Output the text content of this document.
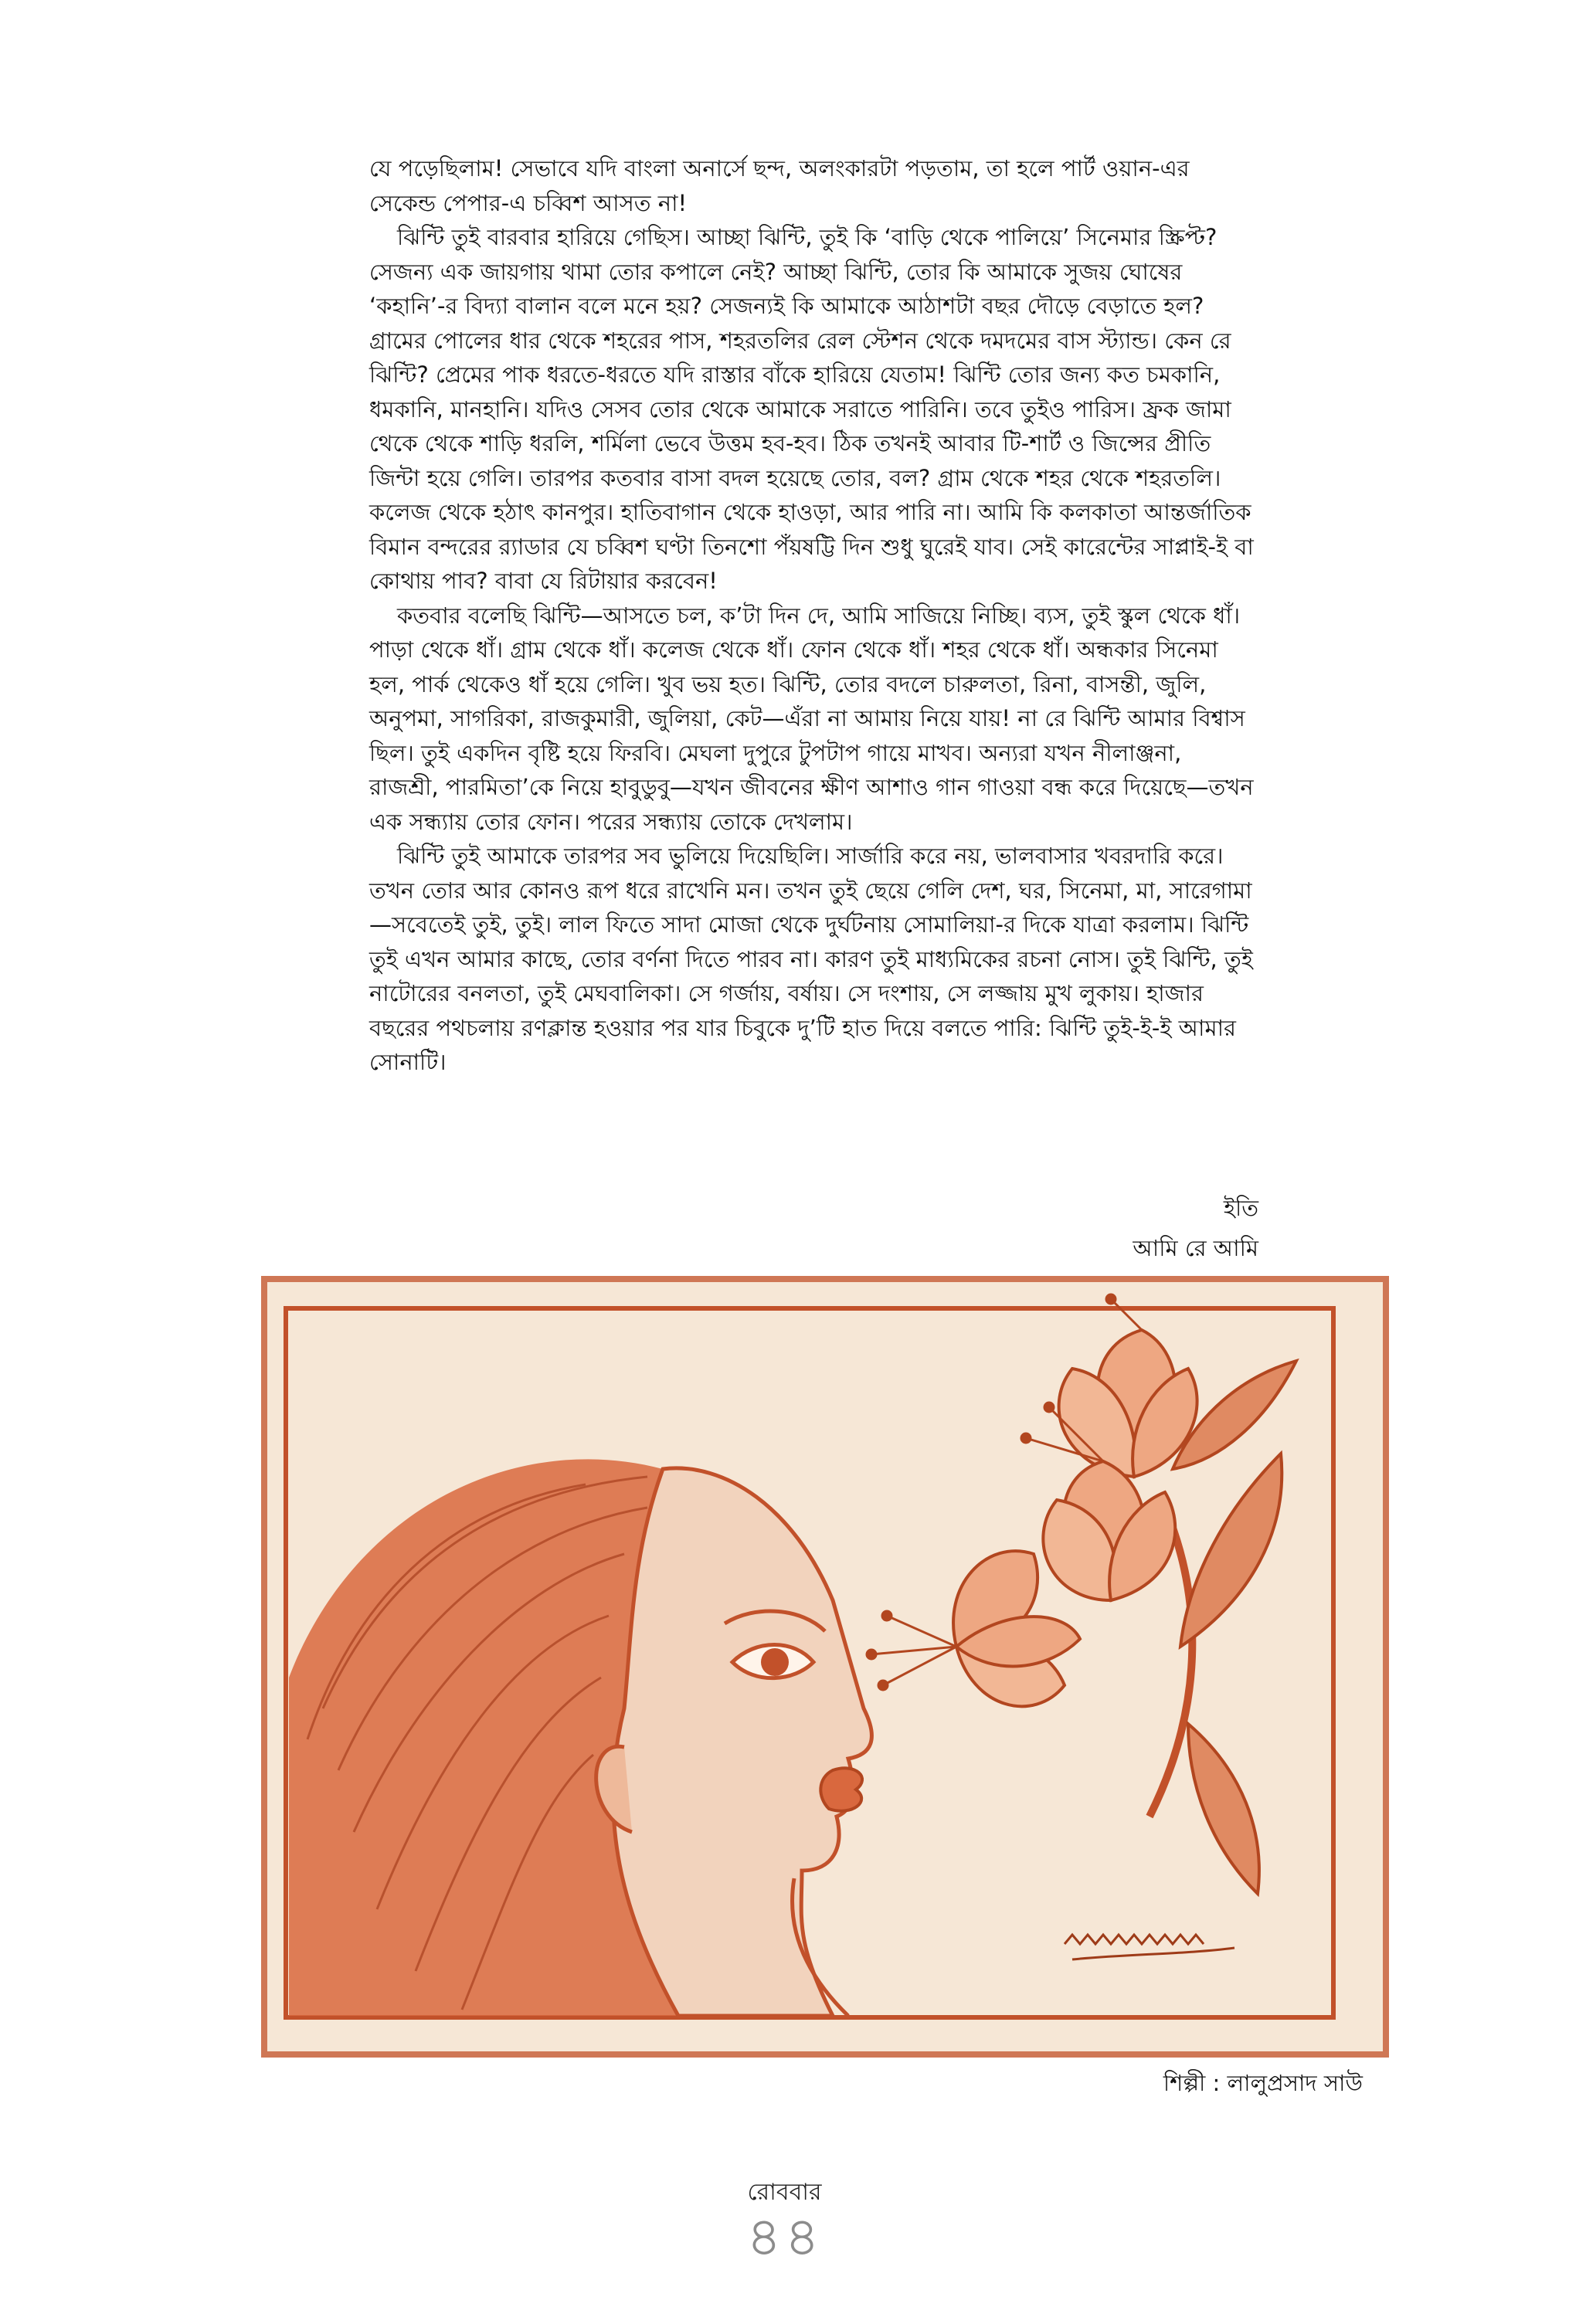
যে পড়েছিলাম! সেভাবে যদি বাংলা অনার্সে ছন্দ, অলংকারটা পড়তাম, তা হলে পার্ট ওয়ান-এর সেকেন্ড পেপার-এ চব্বিশ আসত না!

ঝিন্টি তুই বারবার হারিয়ে গেছিস। আচ্ছা ঝিন্টি, তুই কি ‘বাড়ি থেকে পালিয়ে’ সিনেমার স্ক্রিপ্ট? সেজন্য এক জায়গায় থামা তোর কপালে নেই? আচ্ছা ঝিন্টি, তোর কি আমাকে সুজয় ঘোষের ‘কহানি’-র বিদ্যা বালান বলে মনে হয়? সেজন্যই কি আমাকে আঠাশটা বছর দৌড়ে বেড়াতে হল? গ্রামের পোলের ধার থেকে শহরের পাস, শহরতলির রেল স্টেশন থেকে দমদমের বাস স্ট্যান্ড। কেন রে ঝিন্টি? প্রেমের পাক ধরতে-ধরতে যদি রাস্তার বাঁকে হারিয়ে যেতাম! ঝিন্টি তোর জন্য কত চমকানি, ধমকানি, মানহানি। যদিও সেসব তোর থেকে আমাকে সরাতে পারিনি। তবে তুইও পারিস। ফ্রক জামা থেকে থেকে শাড়ি ধরলি, শর্মিলা ভেবে উত্তম হব-হব। ঠিক তখনই আবার টি-শার্ট ও জিন্সের প্রীতি জিন্টা হয়ে গেলি। তারপর কতবার বাসা বদল হয়েছে তোর, বল? গ্রাম থেকে শহর থেকে শহরতলি। কলেজ থেকে হঠাৎ কানপুর। হাতিবাগান থেকে হাওড়া, আর পারি না। আমি কি কলকাতা আন্তর্জাতিক বিমান বন্দরের র‍্যাডার যে চব্বিশ ঘণ্টা তিনশো পঁয়ষট্টি দিন শুধু ঘুরেই যাব। সেই কারেন্টের সাপ্লাই-ই বা কোথায় পাব? বাবা যে রিটায়ার করবেন!

কতবার বলেছি ঝিন্টি—আসতে চল, ক’টা দিন দে, আমি সাজিয়ে নিচ্ছি। ব্যস, তুই স্কুল থেকে ধাঁ। পাড়া থেকে ধাঁ। গ্রাম থেকে ধাঁ। কলেজ থেকে ধাঁ। ফোন থেকে ধাঁ। শহর থেকে ধাঁ। অন্ধকার সিনেমা হল, পার্ক থেকেও ধাঁ হয়ে গেলি। খুব ভয় হত। ঝিন্টি, তোর বদলে চারুলতা, রিনা, বাসন্তী, জুলি, অনুপমা, সাগরিকা, রাজকুমারী, জুলিয়া, কেট—এঁরা না আমায় নিয়ে যায়! না রে ঝিন্টি আমার বিশ্বাস ছিল। তুই একদিন বৃষ্টি হয়ে ফিরবি। মেঘলা দুপুরে টুপটাপ গায়ে মাখব। অন্যরা যখন নীলাঞ্জনা, রাজশ্রী, পারমিতা’কে নিয়ে হাবুডুবু—যখন জীবনের ক্ষীণ আশাও গান গাওয়া বন্ধ করে দিয়েছে—তখন এক সন্ধ্যায় তোর ফোন। পরের সন্ধ্যায় তোকে দেখলাম।

ঝিন্টি তুই আমাকে তারপর সব ভুলিয়ে দিয়েছিলি। সার্জারি করে নয়, ভালবাসার খবরদারি করে। তখন তোর আর কোনও রূপ ধরে রাখেনি মন। তখন তুই ছেয়ে গেলি দেশ, ঘর, সিনেমা, মা, সারেগামা—সবেতেই তুই, তুই। লাল ফিতে সাদা মোজা থেকে দুর্ঘটনায় সোমালিয়া-র দিকে যাত্রা করলাম। ঝিন্টি তুই এখন আমার কাছে, তোর বর্ণনা দিতে পারব না। কারণ তুই মাধ্যমিকের রচনা নোস। তুই ঝিন্টি, তুই নাটোরের বনলতা, তুই মেঘবালিকা। সে গর্জায়, বর্ষায়। সে দংশায়, সে লজ্জায় মুখ লুকায়। হাজার বছরের পথচলায় রণক্লান্ত হওয়ার পর যার চিবুকে দু’টি হাত দিয়ে বলতে পারি: ঝিন্টি তুই-ই-ই আমার সোনাটি।

ইতি
আমি রে আমি
শিল্পী : লালুপ্রসাদ সাউ
রোববার
৪৪
